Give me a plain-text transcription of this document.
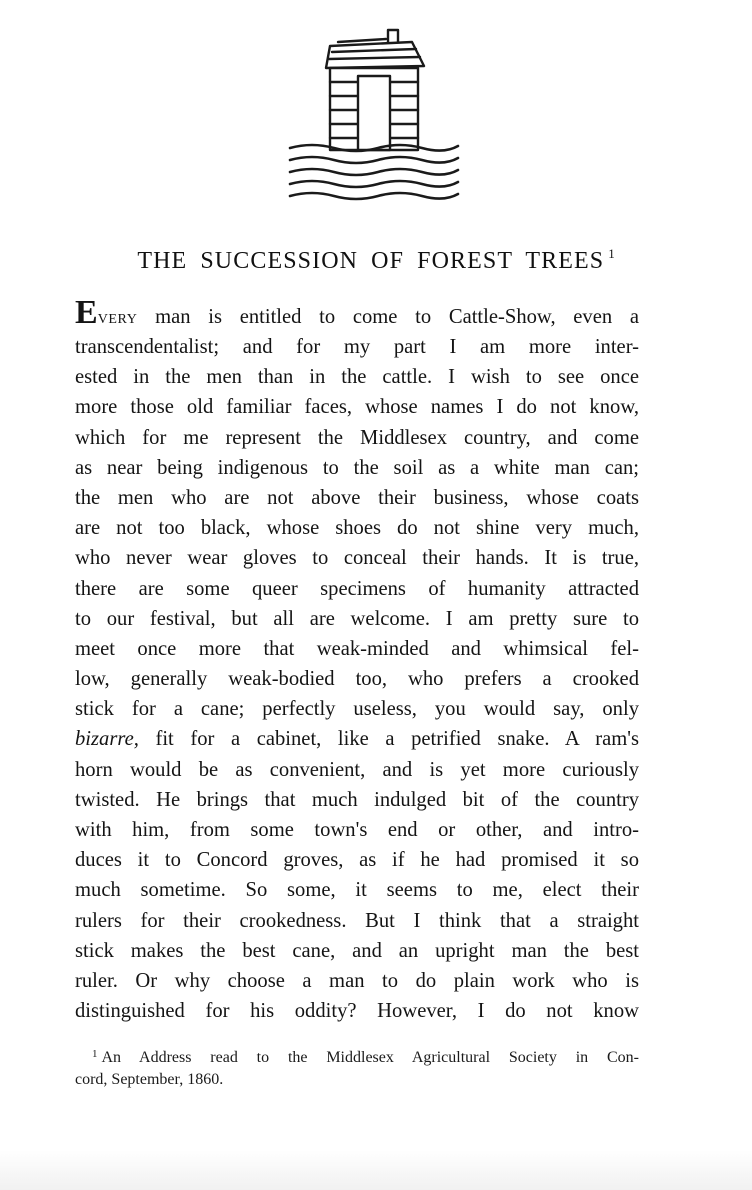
THE SUCCESSION OF FOREST TREES $^1$
Every man is entitled to come to Cattle-Show, even a
transcendentalist; and for my part I am more inter-
ested in the men than in the cattle. I wish to see once
more those old familiar faces, whose names I do not know,
which for me represent the Middlesex country, and come
as near being indigenous to the soil as a white man can;
the men who are not above their business, whose coats
are not too black, whose shoes do not shine very much,
who never wear gloves to conceal their hands. It is true,
there are some queer specimens of humanity attracted
to our festival, but all are welcome. I am pretty sure to
meet once more that weak-minded and whimsical fel-
low, generally weak-bodied too, who prefers a crooked
stick for a cane; perfectly useless, you would say, only
bizarre, fit for a cabinet, like a petrified snake. A ram's
horn would be as convenient, and is yet more curiously
twisted. He brings that much indulged bit of the country
with him, from some town's end or other, and intro-
duces it to Concord groves, as if he had promised it so
much sometime. So some, it seems to me, elect their
rulers for their crookedness. But I think that a straight
stick makes the best cane, and an upright man the best
ruler. Or why choose a man to do plain work who is
distinguished for his oddity? However, I do not know
$^1$ An Address read to the Middlesex Agricultural Society in Con-
cord, September, 1860.
